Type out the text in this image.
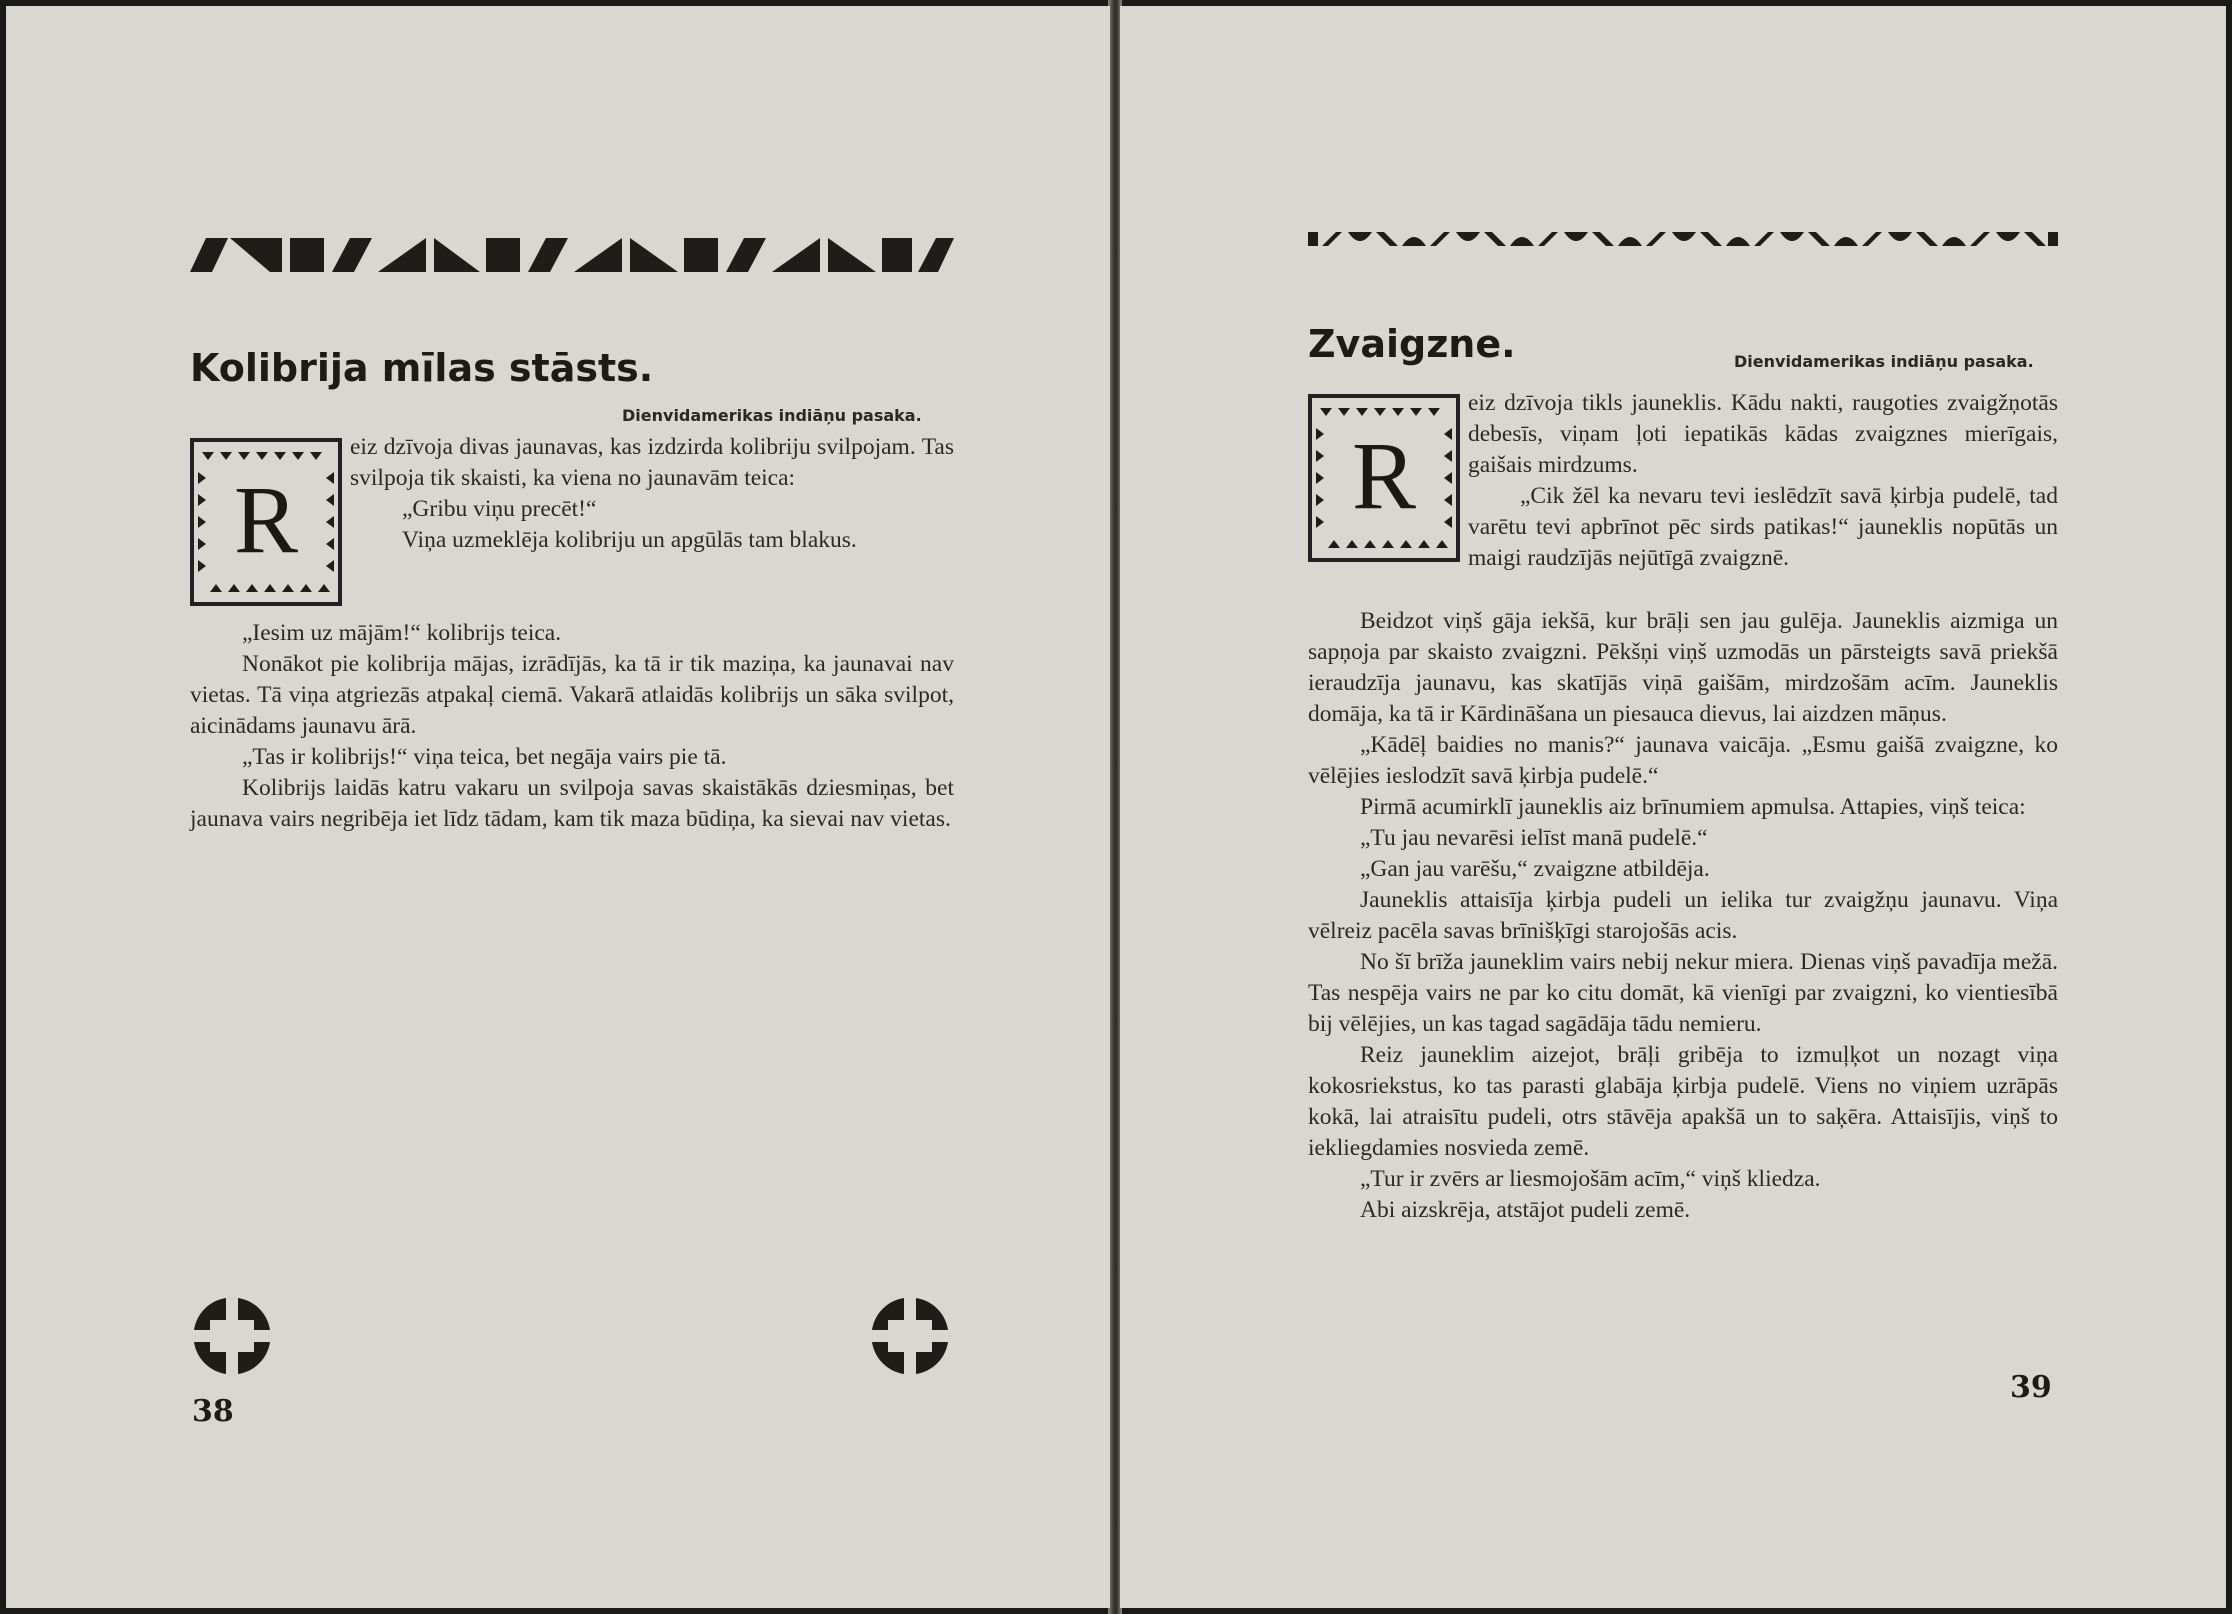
Kolibrija mīlas stāsts.
Dienvidamerikas indiāņu pasaka.
R

eiz dzīvoja divas jaunavas, kas izdzirda kolibriju svilpojam. Tas svilpoja tik skaisti, ka viena no jaunavām teica:

„Gribu viņu precēt!“

Viņa uzmeklēja kolibriju un apgūlās tam blakus.

„Iesim uz mājām!“ kolibrijs teica.

Nonākot pie kolibrija mājas, izrādījās, ka tā ir tik maziņa, ka jaunavai nav vietas. Tā viņa atgriezās atpakaļ ciemā. Vakarā atlaidās kolibrijs un sāka svilpot, aicinādams jaunavu ārā.

„Tas ir kolibrijs!“ viņa teica, bet negāja vairs pie tā.

Kolibrijs laidās katru vakaru un svilpoja savas skaistākās dziesmiņas, bet jaunava vairs negribēja iet līdz tādam, kam tik maza būdiņa, ka sievai nav vietas.

38
Zvaigzne.	Dienvidamerikas indiāņu pasaka.
R

eiz dzīvoja tikls jauneklis. Kādu nakti, raugoties zvaigžņotās debesīs, viņam ļoti iepatikās kādas zvaigznes mierīgais, gaišais mirdzums.

„Cik žēl ka nevaru tevi ieslēdzīt savā ķirbja pudelē, tad varētu tevi apbrīnot pēc sirds patikas!“ jauneklis nopūtās un maigi raudzījās nejūtīgā zvaigznē.

Beidzot viņš gāja iekšā, kur brāļi sen jau gulēja. Jauneklis aizmiga un sapņoja par skaisto zvaigzni. Pēkšņi viņš uzmodās un pārsteigts savā priekšā ieraudzīja jaunavu, kas skatījās viņā gaišām, mirdzošām acīm. Jauneklis domāja, ka tā ir Kārdināšana un piesauca dievus, lai aizdzen māņus.

„Kādēļ baidies no manis?“ jaunava vaicāja. „Esmu gaišā zvaigzne, ko vēlējies ieslodzīt savā ķirbja pudelē.“

Pirmā acumirklī jauneklis aiz brīnumiem apmulsa. Attapies, viņš teica:

„Tu jau nevarēsi ielīst manā pudelē.“

„Gan jau varēšu,“ zvaigzne atbildēja.

Jauneklis attaisīja ķirbja pudeli un ielika tur zvaigžņu jaunavu. Viņa vēlreiz pacēla savas brīnišķīgi starojošās acis.

No šī brīža jauneklim vairs nebij nekur miera. Dienas viņš pavadīja mežā. Tas nespēja vairs ne par ko citu domāt, kā vienīgi par zvaigzni, ko vientiesībā bij vēlējies, un kas tagad sagādāja tādu nemieru.

Reiz jauneklim aizejot, brāļi gribēja to izmuļķot un nozagt viņa kokosriekstus, ko tas parasti glabāja ķirbja pudelē. Viens no viņiem uzrāpās kokā, lai atraisītu pudeli, otrs stāvēja apakšā un to saķēra. Attaisījis, viņš to iekliegdamies nosvieda zemē.

„Tur ir zvērs ar liesmojošām acīm,“ viņš kliedza.

Abi aizskrēja, atstājot pudeli zemē.

39
